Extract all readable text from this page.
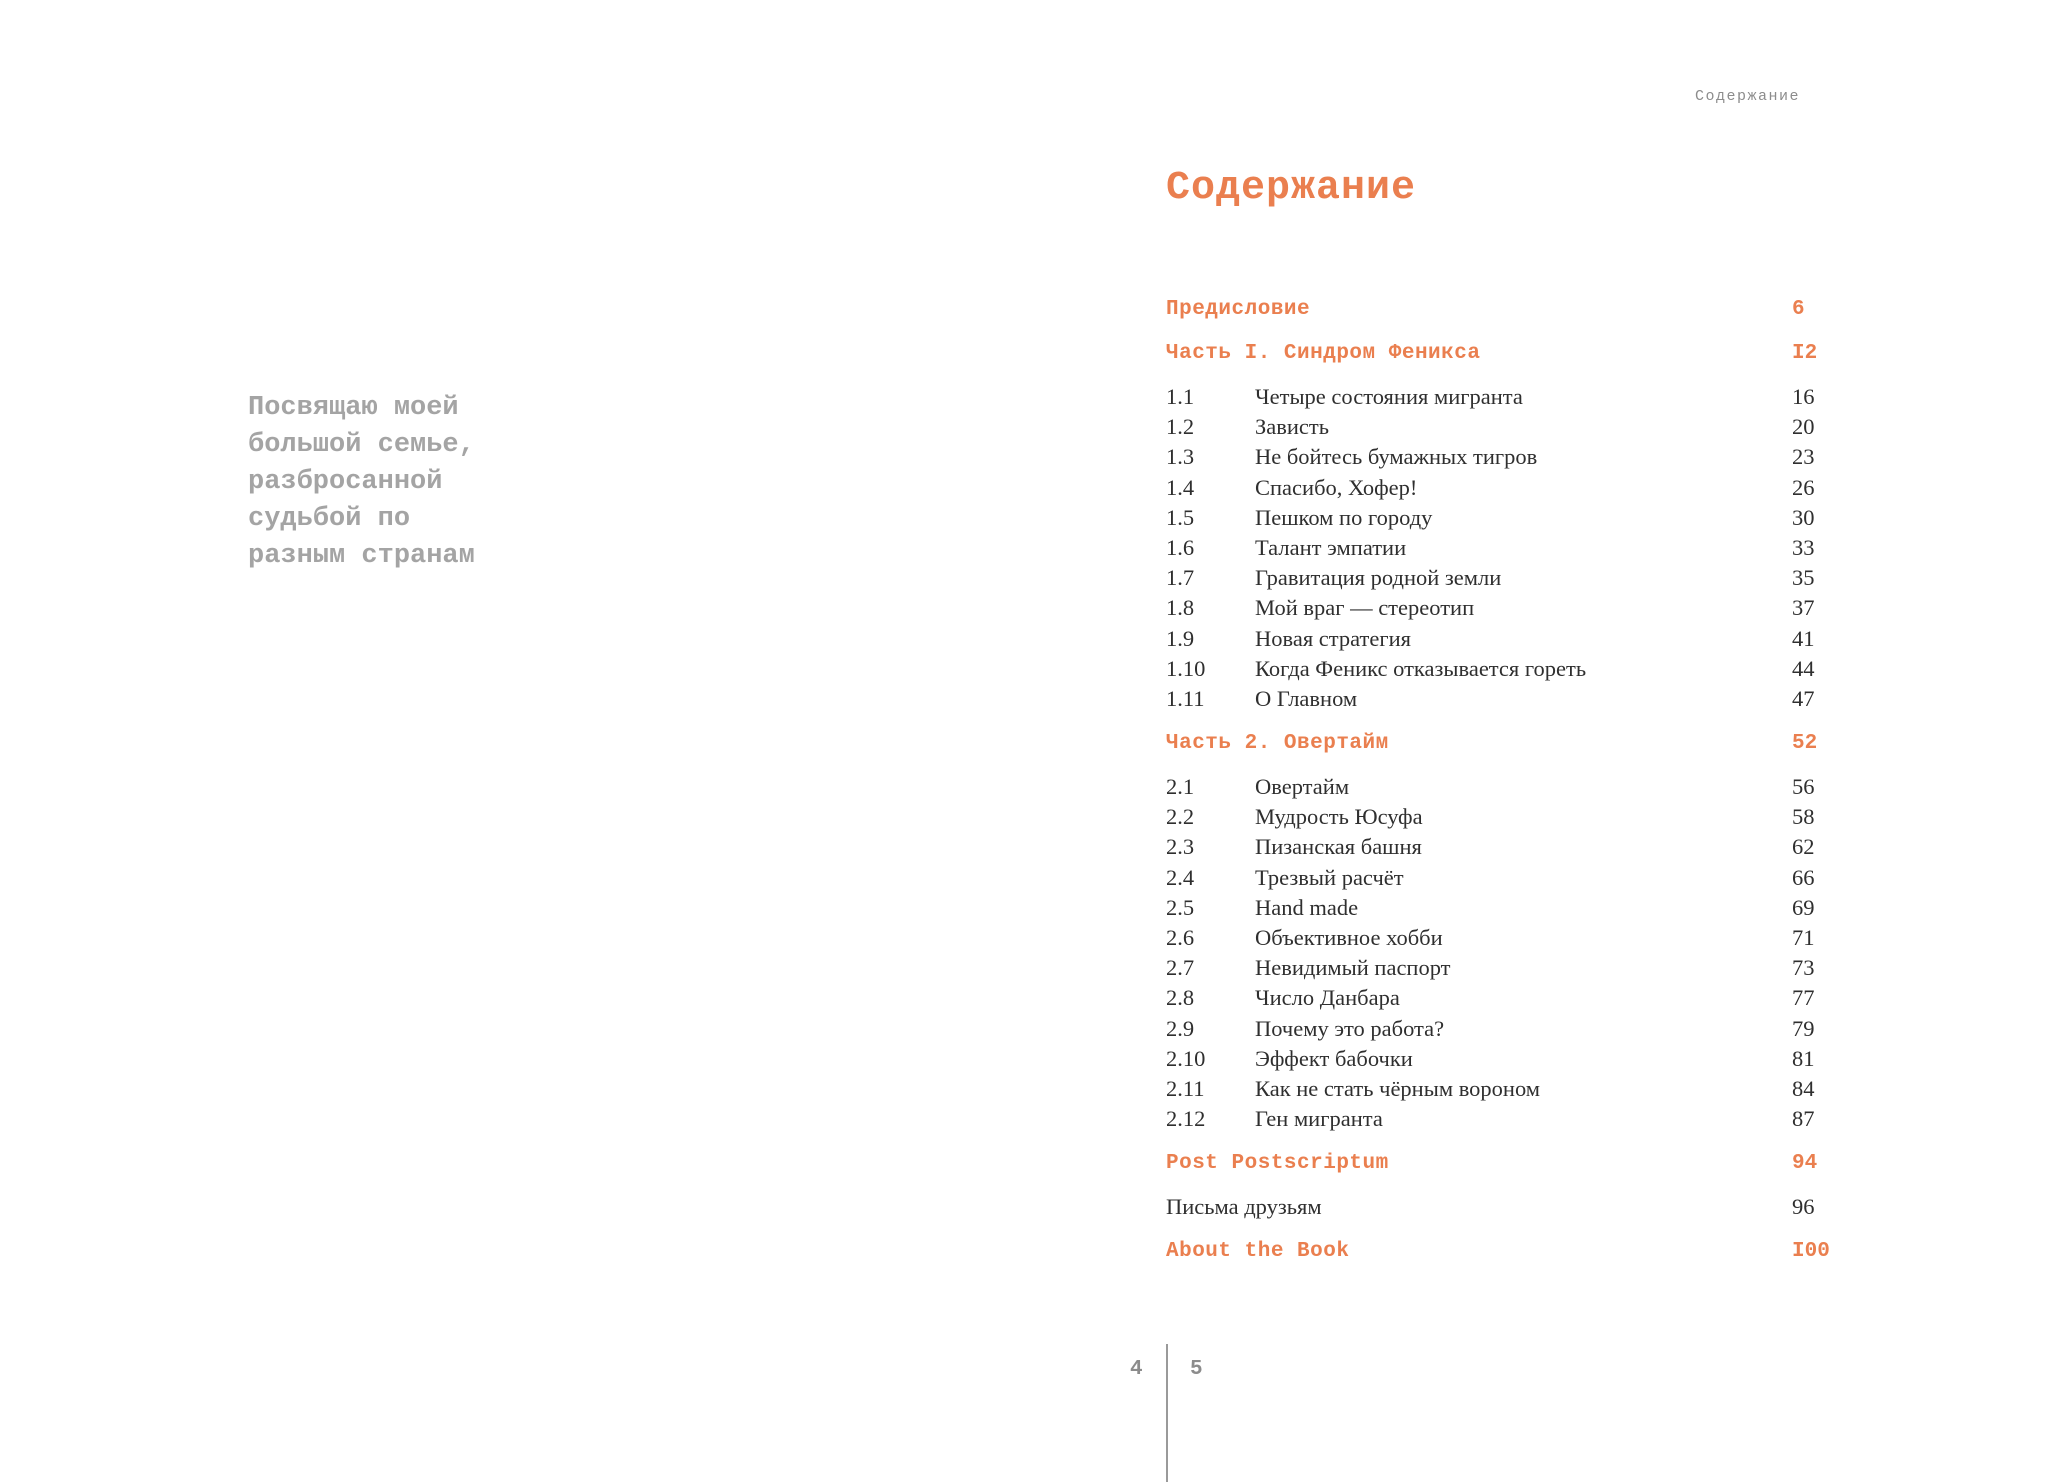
Содержание
Посвящаю моей
большой семье,
разбросанной
судьбой по
разным странам
Содержание
Предисловие	6
Часть I. Синдром Феникса	I2
1.1	Четыре состояния мигранта	16
1.2	Зависть	20
1.3	Не бойтесь бумажных тигров	23
1.4	Спасибо, Хофер!	26
1.5	Пешком по городу	30
1.6	Талант эмпатии	33
1.7	Гравитация родной земли	35
1.8	Мой враг — стереотип	37
1.9	Новая стратегия	41
1.10 Когда Феникс отказывается гореть	44
1.11 О Главном	47
Часть 2. Овертайм	52
2.1	Овертайм	56
2.2	Мудрость Юсуфа	58
2.3	Пизанская башня	62
2.4	Трезвый расчёт	66
2.5	Hand made	69
2.6	Объективное хобби	71
2.7	Невидимый паспорт	73
2.8	Число Данбара	77
2.9	Почему это работа?	79
2.10 Эффект бабочки	81
2.11 Как не стать чёрным вороном	84
2.12 Ген мигранта	87
Post Postscriptum	94
Письма друзьям	96
About the Book	I00
4 5
